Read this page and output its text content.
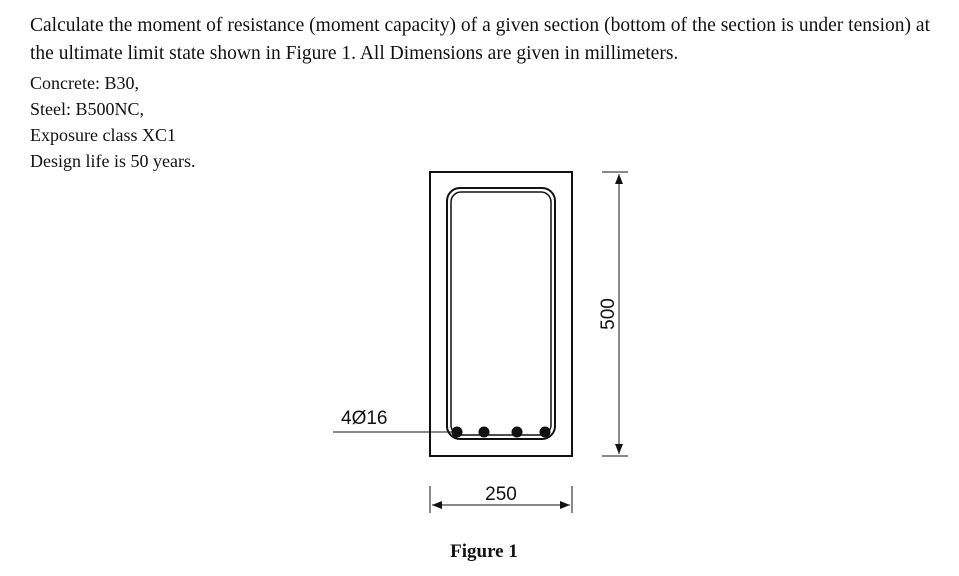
Calculate the moment of resistance (moment capacity) of a given section (bottom of the section is under tension) at the ultimate limit state shown in Figure 1. All Dimensions are given in millimeters.

Concrete: B30,
Steel: B500NC,
Exposure class XC1
Design life is 50 years.
4Ø16
500
250
Figure 1
